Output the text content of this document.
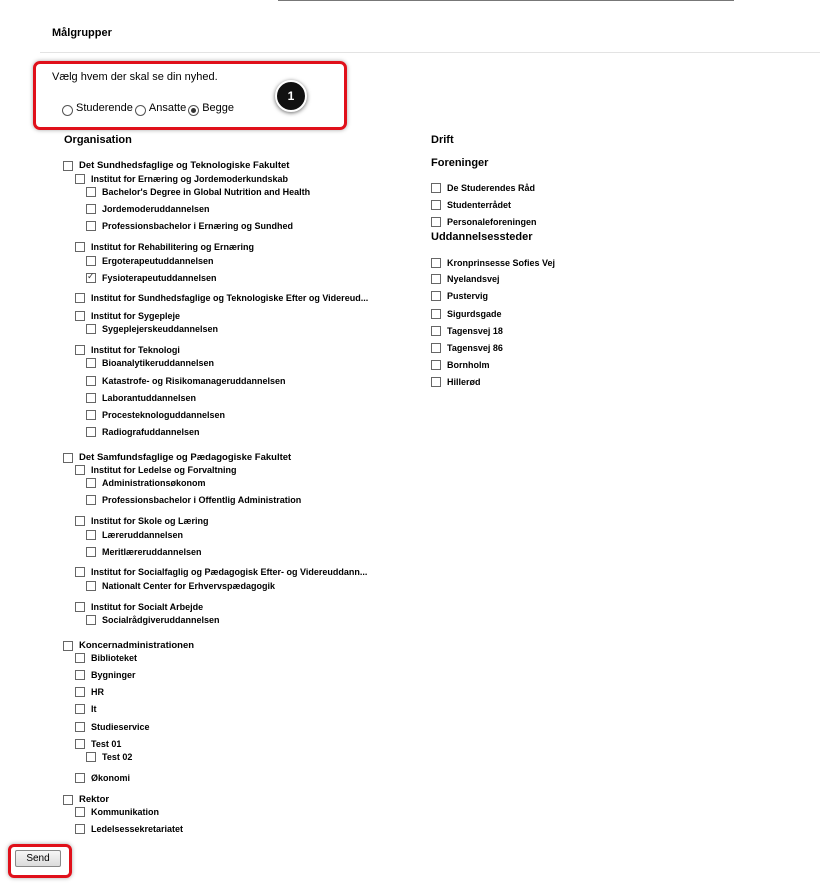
Målgrupper
Vælg hvem der skal se din nyhed.
Studerende Ansatte Begge
1
Organisation
Det Sundhedsfaglige og Teknologiske Fakultet
Institut for Ernæring og Jordemoderkundskab
Bachelor's Degree in Global Nutrition and Health
Jordemoderuddannelsen
Professionsbachelor i Ernæring og Sundhed
Institut for Rehabilitering og Ernæring
Ergoterapeutuddannelsen
✓
Fysioterapeutuddannelsen
Institut for Sundhedsfaglige og Teknologiske Efter og Videreud...
Institut for Sygepleje
Sygeplejerskeuddannelsen
Institut for Teknologi
Bioanalytikeruddannelsen
Katastrofe- og Risikomanageruddannelsen
Laborantuddannelsen
Procesteknologuddannelsen
Radiografuddannelsen
Det Samfundsfaglige og Pædagogiske Fakultet
Institut for Ledelse og Forvaltning
Administrationsøkonom
Professionsbachelor i Offentlig Administration
Institut for Skole og Læring
Læreruddannelsen
Meritlæreruddannelsen
Institut for Socialfaglig og Pædagogisk Efter- og Videreuddann...
Nationalt Center for Erhvervspædagogik
Institut for Socialt Arbejde
Socialrådgiveruddannelsen
Koncernadministrationen
Biblioteket
Bygninger
HR
It
Studieservice
Test 01
Test 02
Økonomi
Rektor
Kommunikation
Ledelsessekretariatet
Drift
Foreninger
De Studerendes Råd
Studenterrådet
Personaleforeningen
Uddannelsessteder
Kronprinsesse Sofies Vej
Nyelandsvej
Pustervig
Sigurdsgade
Tagensvej 18
Tagensvej 86
Bornholm
Hillerød
Send
